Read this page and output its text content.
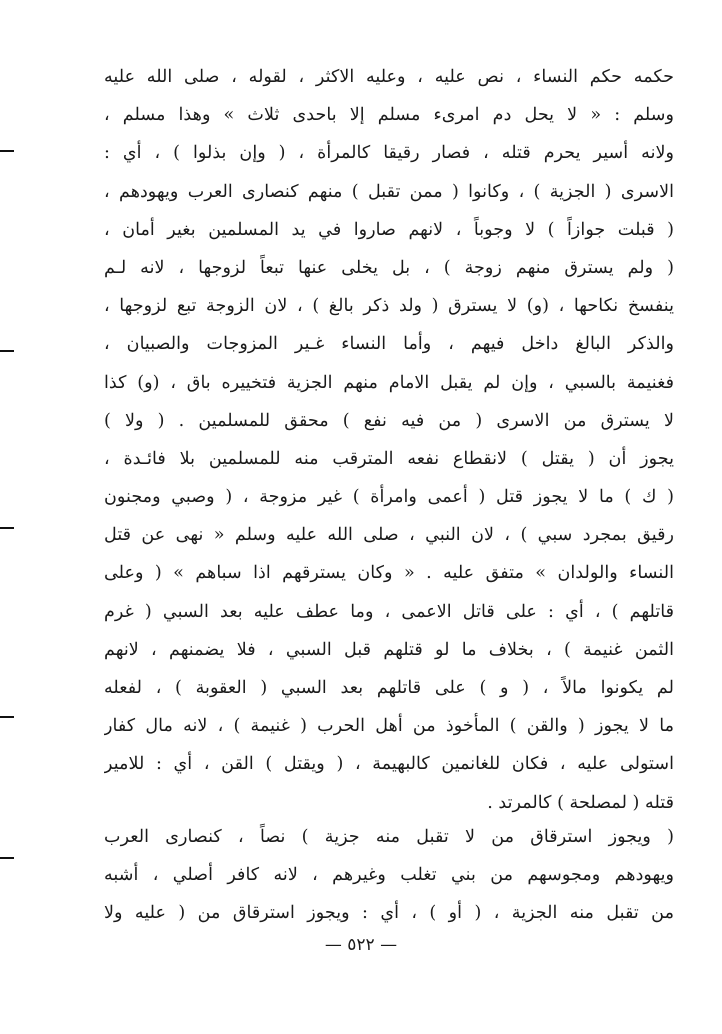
حكمه حكم النساء ، نص عليه ، وعليه الاكثر ، لقوله ، صلى الله عليه
وسلم : « لا يحل دم امرىء مسلم إلا باحدى ثلاث » وهذا مسلم ،
ولانه أسير يحرم قتله ، فصار رقيقا كالمرأة ، ( وإن بذلوا ) ، أي :
الاسرى ( الجزية ) ، وكانوا ( ممن تقبل ) منهم كنصارى العرب ويهودهم ،
( قبلت جوازاً ) لا وجوباً ، لانهم صاروا في يد المسلمين بغير أمان ،
( ولم يسترق منهم زوجة ) ، بل يخلى عنها تبعاً لزوجها ، لانه لـم
ينفسخ نكاحها ، (و) لا يسترق ( ولد ذكر بالغ ) ، لان الزوجة تبع لزوجها ،
والذكر البالغ داخل فيهم ، وأما النساء غـير المزوجات والصبيان ،
فغنيمة بالسبي ، وإن لم يقبل الامام منهم الجزية فتخييره باق ، (و) كذا
لا يسترق من الاسرى ( من فيه نفع ) محقق للمسلمين . ( ولا )
يجوز أن ( يقتل ) لانقطاع نفعه المترقب منه للمسلمين بلا فائـدة ،
( ك ) ما لا يجوز قتل ( أعمى وامرأة ) غير مزوجة ، ( وصبي ومجنون
رقيق بمجرد سبي ) ، لان النبي ، صلى الله عليه وسلم « نهى عن قتل
النساء والولدان » متفق عليه . « وكان يسترقهم اذا سباهم » ( وعلى
قاتلهم ) ، أي : على قاتل الاعمى ، وما عطف عليه بعد السبي ( غرم
الثمن غنيمة ) ، بخلاف ما لو قتلهم قبل السبي ، فلا يضمنهم ، لانهم
لم يكونوا مالاً ، ( و ) على قاتلهم بعد السبي ( العقوبة ) ، لفعله
ما لا يجوز ( والقن ) المأخوذ من أهل الحرب ( غنيمة ) ، لانه مال كفار
استولى عليه ، فكان للغانمين كالبهيمة ، ( ويقتل ) القن ، أي : للامير
قتله ( لمصلحة ) كالمرتد .
( ويجوز استرقاق من لا تقبل منه جزية ) نصاً ، كنصارى العرب
ويهودهم ومجوسهم من بني تغلب وغيرهم ، لانه كافر أصلي ، أشبه
من تقبل منه الجزية ، ( أو ) ، أي : ويجوز استرقاق من ( عليه ولا
— ٥٢٢ —
